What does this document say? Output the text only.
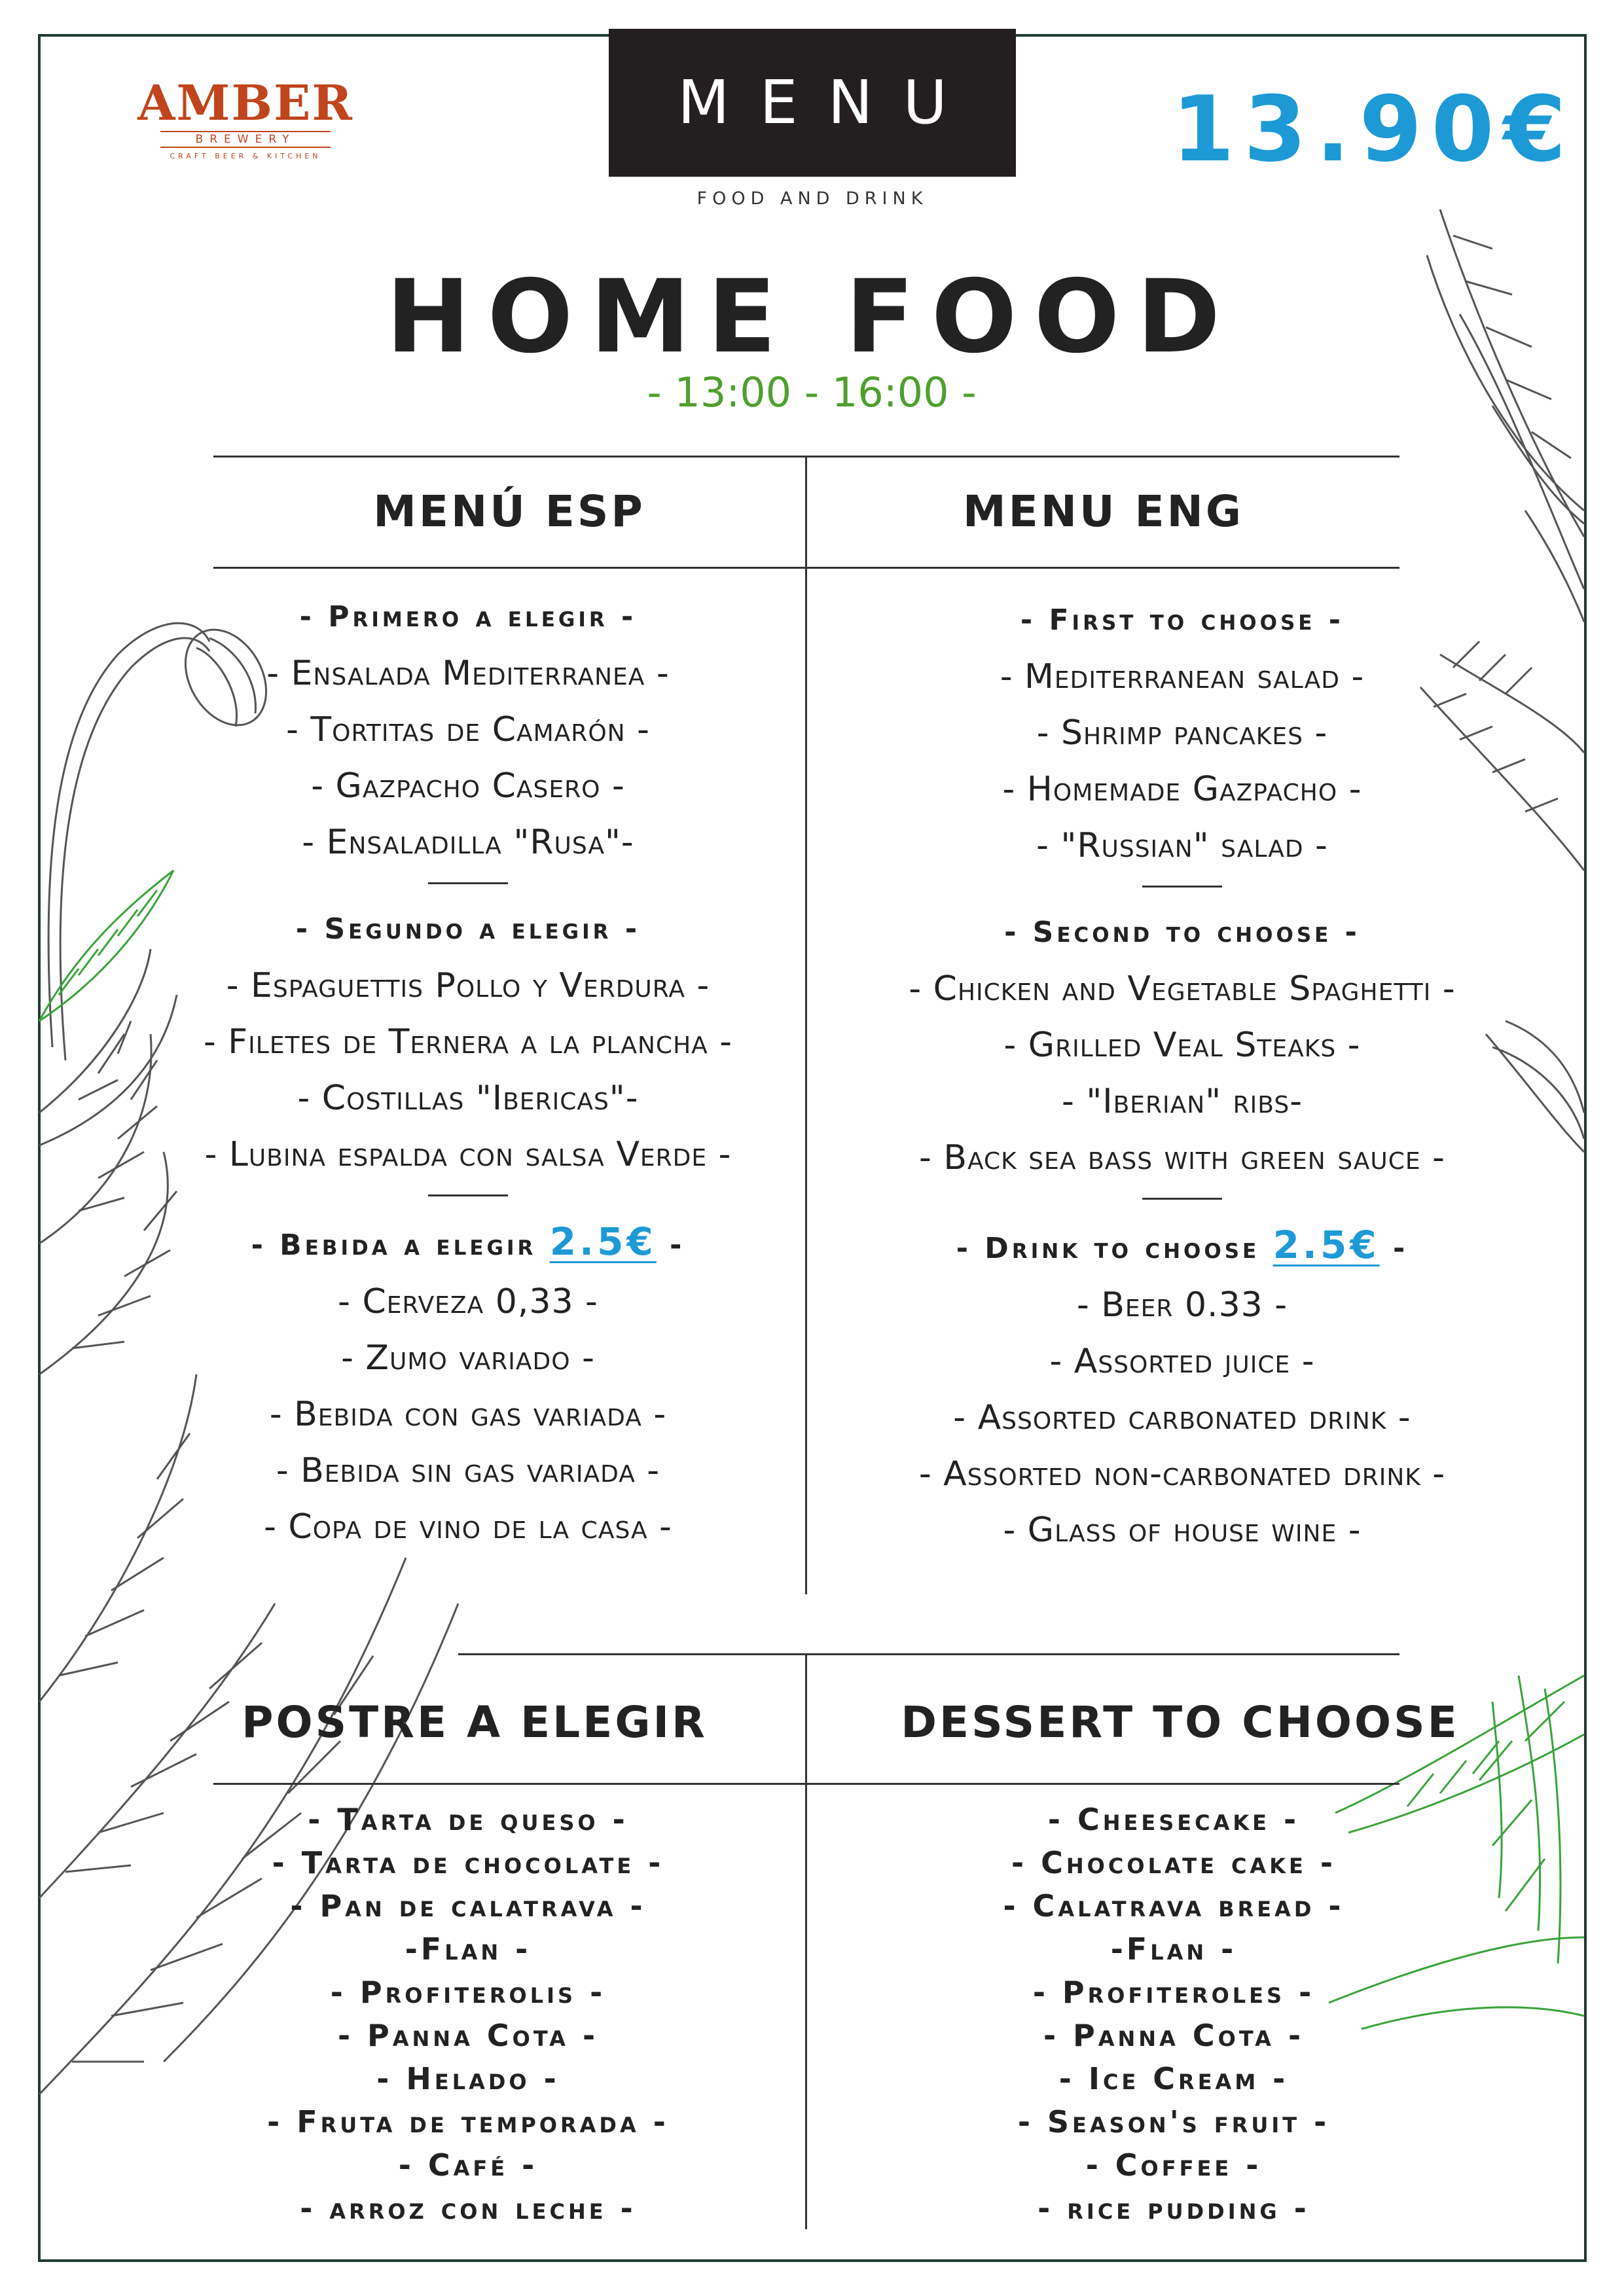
AMBER
BREWERY
CRAFT BEER & KITCHEN
MENU
FOOD AND DRINK
13.90€
HOME FOOD
- 13:00 - 16:00 -
MENÚ ESP	MENU ENG
- Primero a elegir -
- Ensalada Mediterranea -
- Tortitas de Camarón -
- Gazpacho Casero -
- Ensaladilla "Rusa"-
- Segundo a elegir -
- Espaguettis Pollo y Verdura -
- Filetes de Ternera a la plancha -
- Costillas "Ibericas"-
- Lubina espalda con salsa Verde -
- Bebida a elegir 2.5€ -
- Cerveza 0,33 -
- Zumo variado -
- Bebida con gas variada -
- Bebida sin gas variada -
- Copa de vino de la casa -
- First to choose -
- Mediterranean salad -
- Shrimp pancakes -
- Homemade Gazpacho -
- "Russian" salad -
- Second to choose -
- Chicken and Vegetable Spaghetti -
- Grilled Veal Steaks -
- "Iberian" ribs-
- Back sea bass with green sauce -
- Drink to choose 2.5€ -
- Beer 0.33 -
- Assorted juice -
- Assorted carbonated drink -
- Assorted non-carbonated drink -
- Glass of house wine -
POSTRE A ELEGIR	DESSERT TO CHOOSE
- Tarta de queso -
- Tarta de chocolate -
- Pan de calatrava -
-Flan -
- Profiterolis -
- Panna Cota -
- Helado -
- Fruta de temporada -
- Café -
- arroz con leche -
- Cheesecake -
- Chocolate cake -
- Calatrava bread -
-Flan -
- Profiteroles -
- Panna Cota -
- Ice Cream -
- Season's fruit -
- Coffee -
- rice pudding -
